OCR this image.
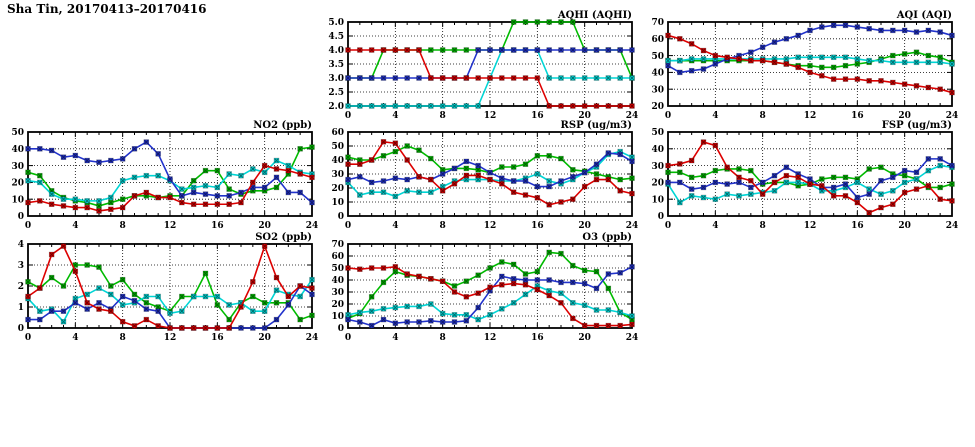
Sha Tin, 20170413–20170416
2.0
2.5
3.0
3.5
4.0
4.5
5.0
0	4	8	12	16	20	24
AQHI (AQHI)
20
30
40
50
60
70
0	4	8	12	16	20	24
AQI (AQI)
0
10
20
30
40
50
0	4	8	12	16	20	24
NO2 (ppb)
0
10
20
30
40
50
60
0	4	8	12	16	20	24
RSP (ug/m3)
0
10
20
30
40
50
0	4	8	12	16	20	24
FSP (ug/m3)
0
1
2
3
4
0	4	8	12	16	20	24
SO2 (ppb)
0
10
20
30
40
50
60
70
0	4	8	12	16	20	24
O3 (ppb)
